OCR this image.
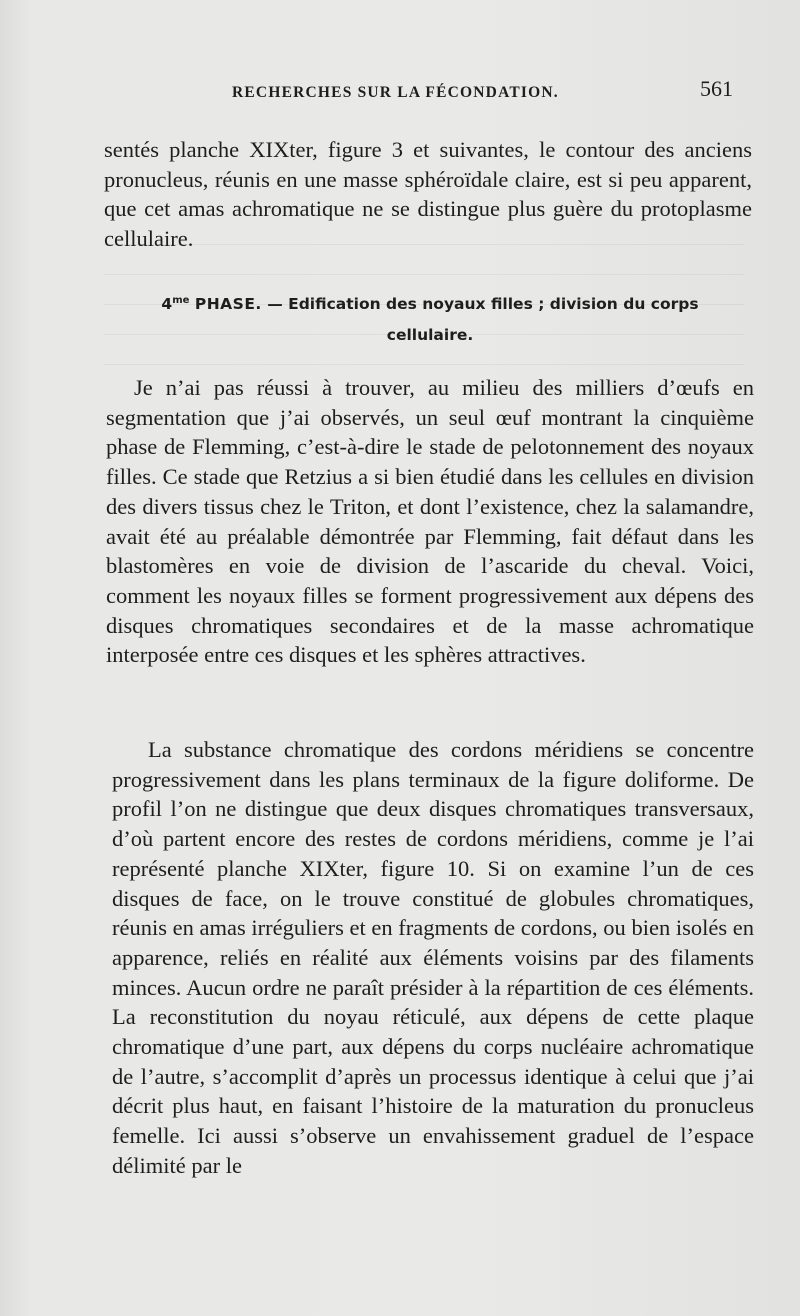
RECHERCHES SUR LA FÉCONDATION.	561

sentés planche XIXter, figure 3 et suivantes, le contour des anciens pronucleus, réunis en une masse sphéroïdale claire, est si peu apparent, que cet amas achromatique ne se distingue plus guère du protoplasme cellulaire.

$4^{me}$ PHASE. — Edification des noyaux filles ; division du corps cellulaire.

Je n’ai pas réussi à trouver, au milieu des milliers d’œufs en segmentation que j’ai observés, un seul œuf montrant la cinquième phase de Flemming, c’est-à-dire le stade de pelotonnement des noyaux filles. Ce stade que Retzius a si bien étudié dans les cellules en division des divers tissus chez le Triton, et dont l’existence, chez la salamandre, avait été au préalable démontrée par Flemming, fait défaut dans les blastomères en voie de division de l’ascaride du cheval. Voici, comment les noyaux filles se forment progressivement aux dépens des disques chromatiques secondaires et de la masse achromatique interposée entre ces disques et les sphères attractives.

La substance chromatique des cordons méridiens se concentre progressivement dans les plans terminaux de la figure doliforme. De profil l’on ne distingue que deux disques chromatiques transversaux, d’où partent encore des restes de cordons méridiens, comme je l’ai représenté planche XIXter, figure 10. Si on examine l’un de ces disques de face, on le trouve constitué de globules chromatiques, réunis en amas irréguliers et en fragments de cordons, ou bien isolés en apparence, reliés en réalité aux éléments voisins par des filaments minces. Aucun ordre ne paraît présider à la répartition de ces éléments. La reconstitution du noyau réticulé, aux dépens de cette plaque chromatique d’une part, aux dépens du corps nucléaire achromatique de l’autre, s’accomplit d’après un processus identique à celui que j’ai décrit plus haut, en faisant l’histoire de la maturation du pronucleus femelle. Ici aussi s’observe un envahissement graduel de l’espace délimité par le
